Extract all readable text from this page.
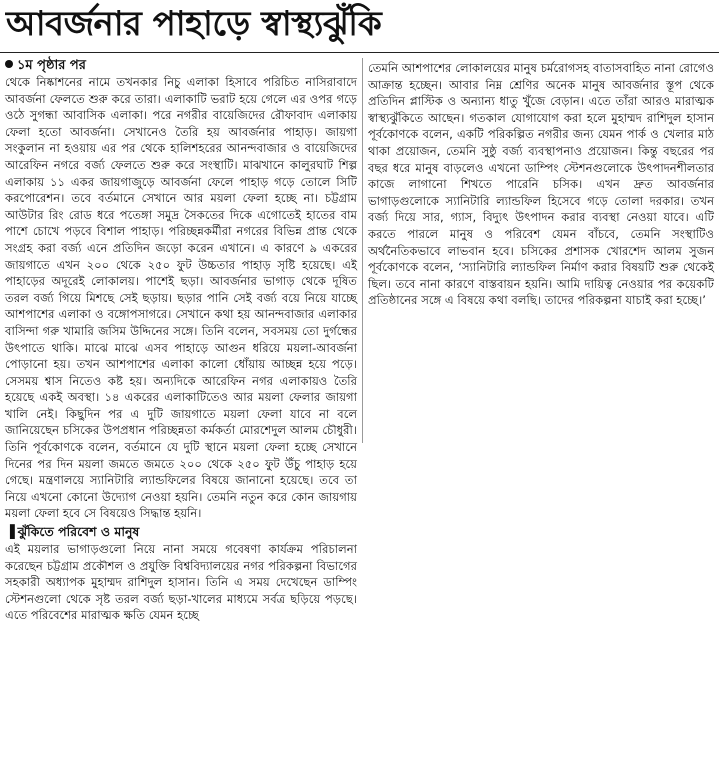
আবর্জনার পাহাড়ে স্বাস্থ্যঝুঁকি
১ম পৃষ্ঠার পর

থেকে নিষ্কাশনের নামে তখনকার নিচু এলাকা হিসাবে পরিচিত নাসিরাবাদে আবর্জনা ফেলতে শুরু করে তারা। এলাকাটি ভরাট হয়ে গেলে এর ওপর গড়ে ওঠে সুগন্ধা আবাসিক এলাকা। পরে নগরীর বায়েজিদের রৌফাবাদ এলাকায় ফেলা হতো আবর্জনা। সেখানেও তৈরি হয় আবর্জনার পাহাড়। জায়গা সংকুলান না হওয়ায় এর পর থেকে হালিশহরের আনন্দবাজার ও বায়েজিদের আরেফিন নগরে বর্জ্য ফেলতে শুরু করে সংস্থাটি। মাঝখানে কালুরঘাট শিল্প এলাকায় ১১ একর জায়গাজুড়ে আবর্জনা ফেলে পাহাড় গড়ে তোলে সিটি করপোরেশন। তবে বর্তমানে সেখানে আর ময়লা ফেলা হচ্ছে না। চট্টগ্রাম আউটার রিং রোড ধরে পতেঙ্গা সমুদ্র সৈকতের দিকে এগোতেই হাতের বাম পাশে চোখে পড়বে বিশাল পাহাড়। পরিচ্ছন্নকর্মীরা নগরের বিভিন্ন প্রান্ত থেকে সংগ্রহ করা বর্জ্য এনে প্রতিদিন জড়ো করেন এখানে। এ কারণে ৯ একরের জায়গাতে এখন ২০০ থেকে ২৫০ ফুট উচ্চতার পাহাড় সৃষ্টি হয়েছে। এই পাহাড়ের অদূরেই লোকালয়। পাশেই ছড়া। আবর্জনার ভাগাড় থেকে দূষিত তরল বর্জ্য গিয়ে মিশছে সেই ছড়ায়। ছড়ার পানি সেই বর্জ্য বয়ে নিয়ে যাচ্ছে আশপাশের এলাকা ও বঙ্গোপসাগরে। সেখানে কথা হয় আনন্দবাজার এলাকার বাসিন্দা গরু খামারি জসিম উদ্দিনের সঙ্গে। তিনি বলেন, সবসময় তো দুর্গন্ধের উৎপাতে থাকি। মাঝে মাঝে এসব পাহাড়ে আগুন ধরিয়ে ময়লা-আবর্জনা পোড়ানো হয়। তখন আশপাশের এলাকা কালো ধোঁয়ায় আচ্ছন্ন হয়ে পড়ে। সেসময় শ্বাস নিতেও কষ্ট হয়। অন্যদিকে আরেফিন নগর এলাকায়ও তৈরি হয়েছে একই অবস্থা। ১৪ একরের এলাকাটিতেও আর ময়লা ফেলার জায়গা খালি নেই। কিছুদিন পর এ দুটি জায়গাতে ময়লা ফেলা যাবে না বলে জানিয়েছেন চসিকের উপপ্রধান পরিচ্ছন্নতা কর্মকর্তা মোরশেদুল আলম চৌধুরী। তিনি পূর্বকোণকে বলেন, বর্তমানে যে দুটি স্থানে ময়লা ফেলা হচ্ছে সেখানে দিনের পর দিন ময়লা জমতে জমতে ২০০ থেকে ২৫০ ফুট উঁচু পাহাড় হয়ে গেছে। মন্ত্রণালয়ে স্যানিটারি ল্যান্ডফিলের বিষয়ে জানানো হয়েছে। তবে তা নিয়ে এখনো কোনো উদ্যোগ নেওয়া হয়নি। তেমনি নতুন করে কোন জায়গায় ময়লা ফেলা হবে সে বিষয়েও সিদ্ধান্ত হয়নি।

▐ ঝুঁকিতে পরিবেশ ও মানুষ

এই ময়লার ভাগাড়গুলো নিয়ে নানা সময়ে গবেষণা কার্যক্রম পরিচালনা করেছেন চট্টগ্রাম প্রকৌশল ও প্রযুক্তি বিশ্ববিদ্যালয়ের নগর পরিকল্পনা বিভাগের সহকারী অধ্যাপক মুহাম্মদ রাশিদুল হাসান। তিনি এ সময় দেখেছেন ডাম্পিং স্টেশনগুলো থেকে সৃষ্ট তরল বর্জ্য ছড়া-খালের মাধ্যমে সর্বত্র ছড়িয়ে পড়ছে। এতে পরিবেশের মারাত্মক ক্ষতি যেমন হচ্ছে

তেমনি আশপাশের লোকালয়ের মানুষ চর্মরোগসহ বাতাসবাহিত নানা রোগেও আক্রান্ত হচ্ছেন। আবার নিম্ন শ্রেণির অনেক মানুষ আবর্জনার স্তূপ থেকে প্রতিদিন প্লাস্টিক ও অন্যান্য ধাতু খুঁজে বেড়ান। এতে তাঁরা আরও মারাত্মক স্বাস্থ্যঝুঁকিতে আছেন। গতকাল যোগাযোগ করা হলে মুহাম্মদ রাশিদুল হাসান পূর্বকোণকে বলেন, একটি পরিকল্পিত নগরীর জন্য যেমন পার্ক ও খেলার মাঠ থাকা প্রয়োজন, তেমনি সুষ্ঠু বর্জ্য ব্যবস্থাপনাও প্রয়োজন। কিন্তু বছরের পর বছর ধরে মানুষ বাড়লেও এখনো ডাম্পিং স্টেশনগুলোকে উৎপাদনশীলতার কাজে লাগানো শিখতে পারেনি চসিক। এখন দ্রুত আবর্জনার ভাগাড়গুলোকে স্যানিটারি ল্যান্ডফিল হিসেবে গড়ে তোলা দরকার। তখন বর্জ্য দিয়ে সার, গ্যাস, বিদ্যুৎ উৎপাদন করার ব্যবস্থা নেওয়া যাবে। এটি করতে পারলে মানুষ ও পরিবেশ যেমন বাঁচবে, তেমনি সংস্থাটিও অর্থনৈতিকভাবে লাভবান হবে। চসিকের প্রশাসক খোরশেদ আলম সুজন পূর্বকোণকে বলেন, ‘স্যানিটারি ল্যান্ডফিল নির্মাণ করার বিষয়টি শুরু থেকেই ছিল। তবে নানা কারণে বাস্তবায়ন হয়নি। আমি দায়িত্ব নেওয়ার পর কয়েকটি প্রতিষ্ঠানের সঙ্গে এ বিষয়ে কথা বলছি। তাদের পরিকল্পনা যাচাই করা হচ্ছে।’
